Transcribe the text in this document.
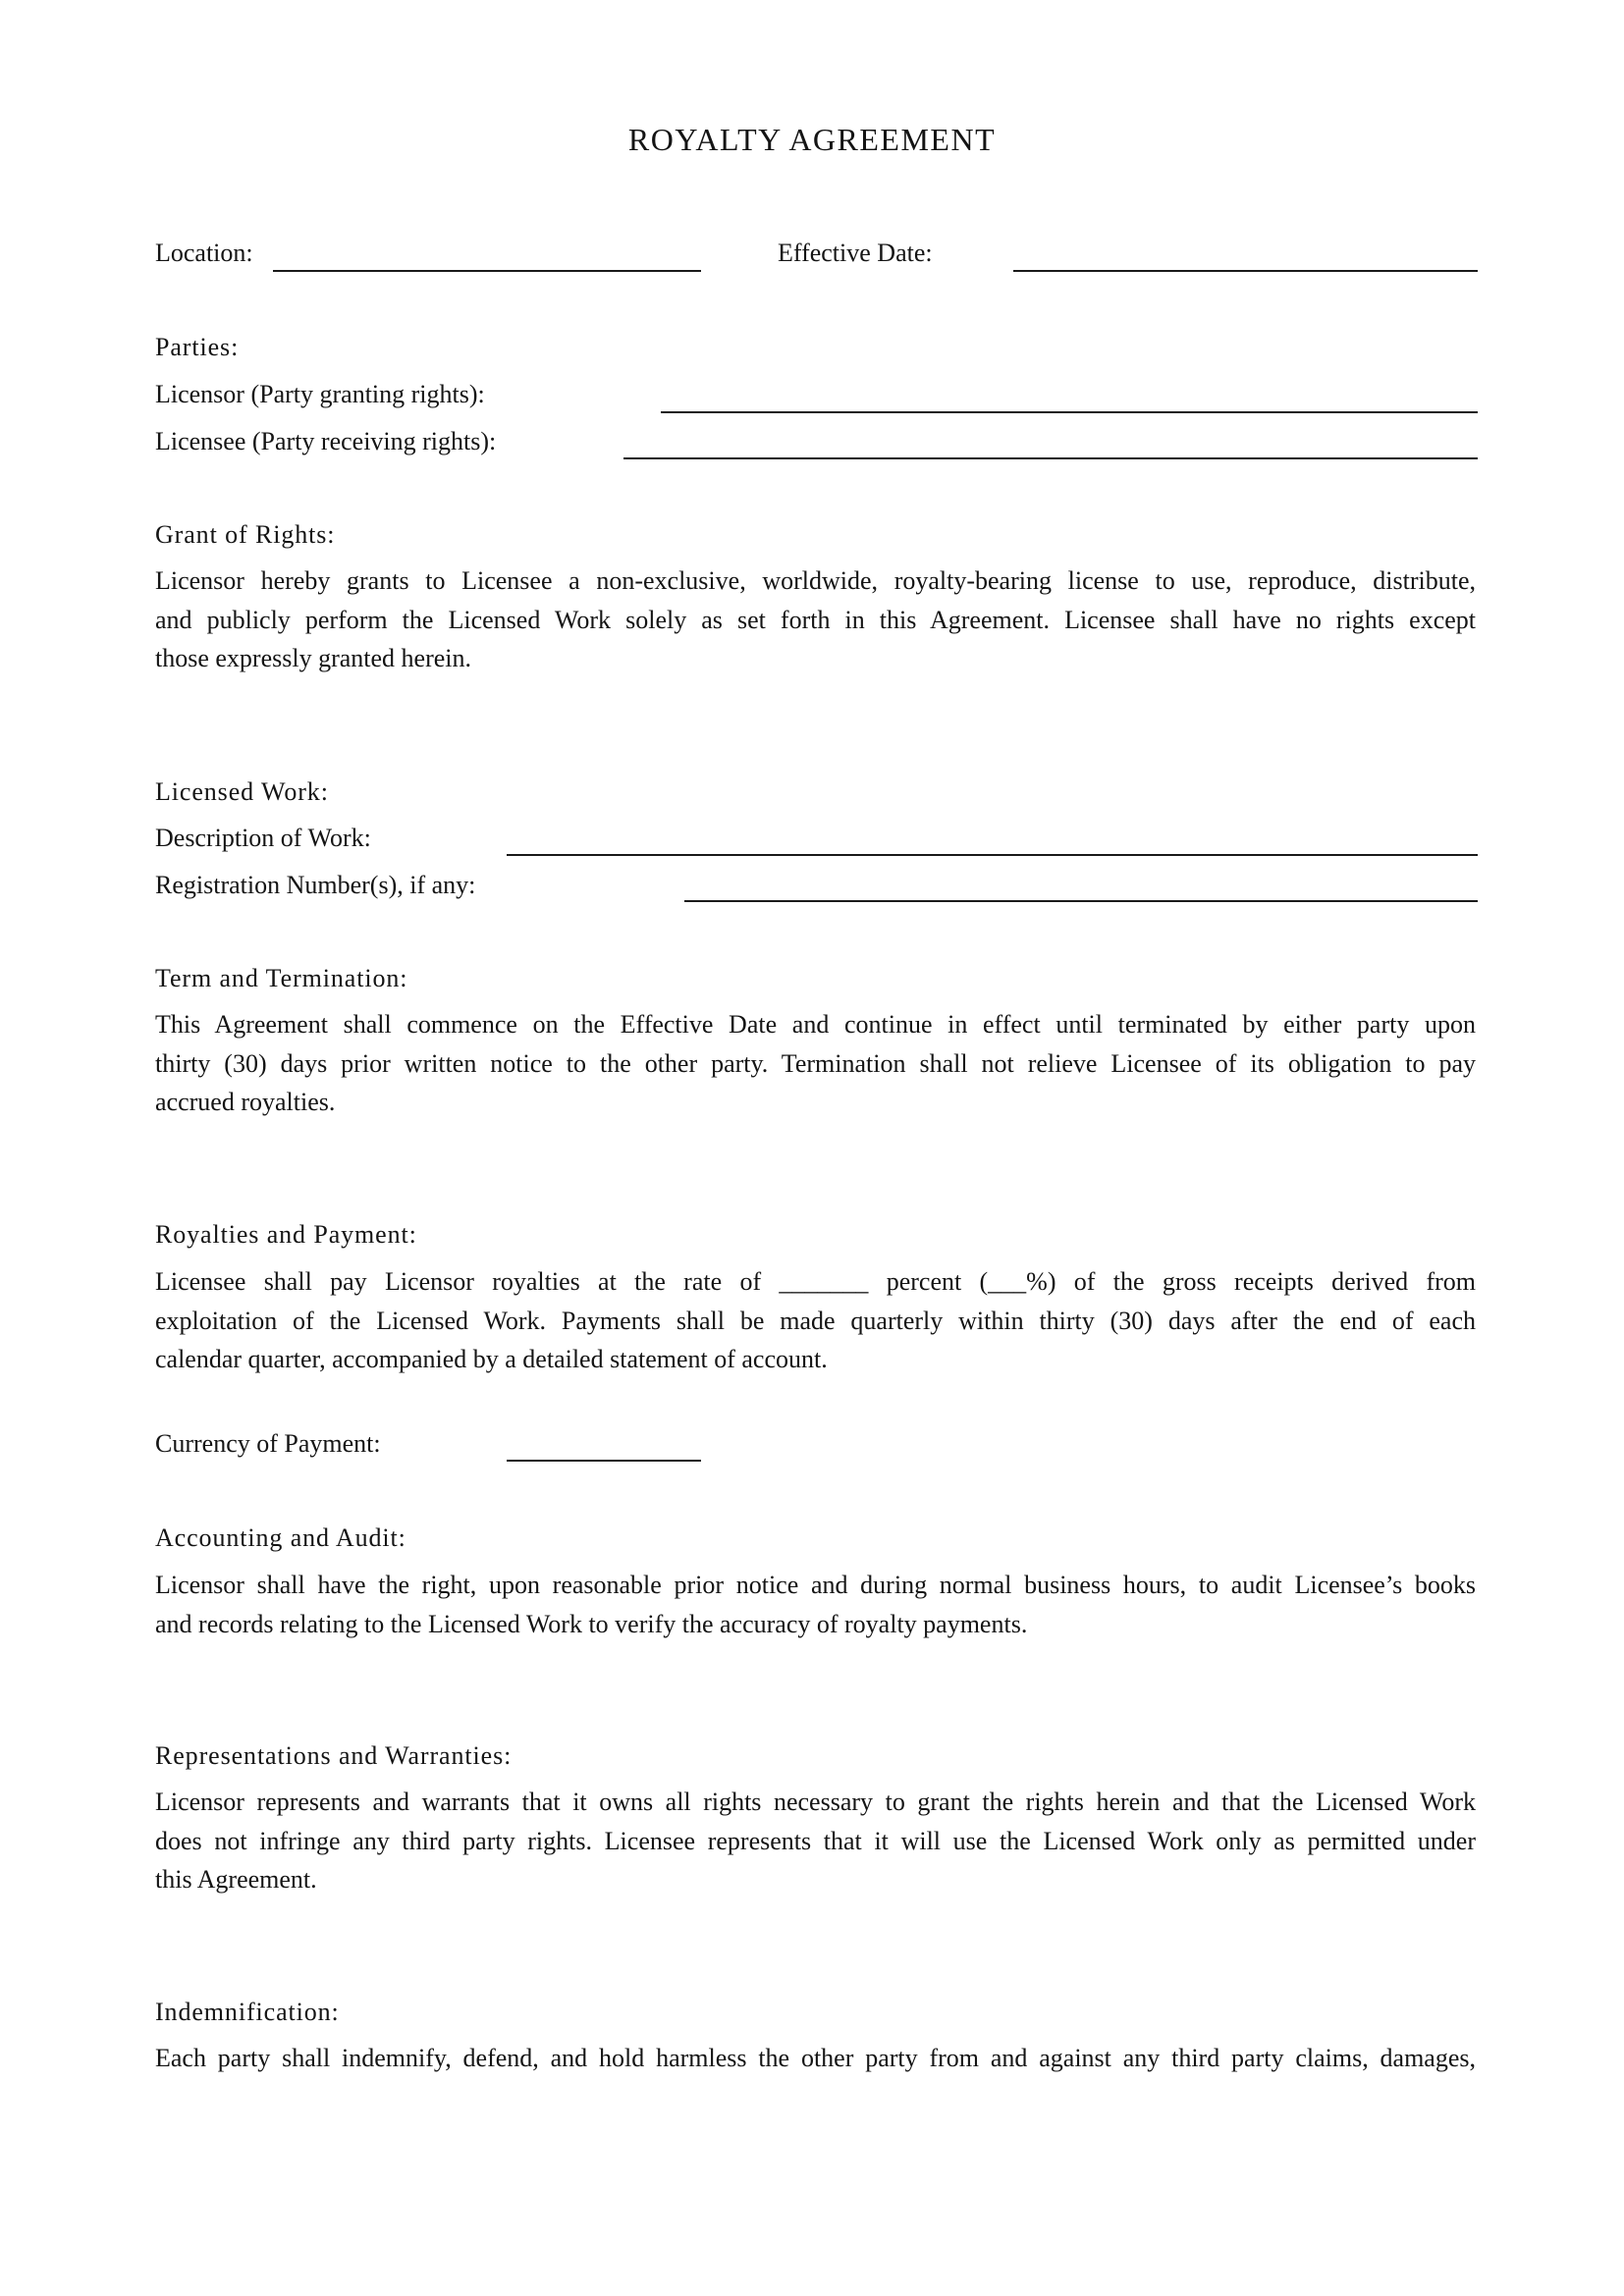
ROYALTY AGREEMENT
Location:	Effective Date:
Parties:
Licensor (Party granting rights):
Licensee (Party receiving rights):
Grant of Rights:
Licensor hereby grants to Licensee a non-exclusive, worldwide, royalty-bearing license to use, reproduce, distribute,
and publicly perform the Licensed Work solely as set forth in this Agreement. Licensee shall have no rights except
those expressly granted herein.
Licensed Work:
Description of Work:
Registration Number(s), if any:
Term and Termination:
This Agreement shall commence on the Effective Date and continue in effect until terminated by either party upon
thirty (30) days prior written notice to the other party. Termination shall not relieve Licensee of its obligation to pay
accrued royalties.
Royalties and Payment:
Licensee shall pay Licensor royalties at the rate of _______ percent (___%) of the gross receipts derived from
exploitation of the Licensed Work. Payments shall be made quarterly within thirty (30) days after the end of each
calendar quarter, accompanied by a detailed statement of account.
Currency of Payment:
Accounting and Audit:
Licensor shall have the right, upon reasonable prior notice and during normal business hours, to audit Licensee’s books
and records relating to the Licensed Work to verify the accuracy of royalty payments.
Representations and Warranties:
Licensor represents and warrants that it owns all rights necessary to grant the rights herein and that the Licensed Work
does not infringe any third party rights. Licensee represents that it will use the Licensed Work only as permitted under
this Agreement.
Indemnification:
Each party shall indemnify, defend, and hold harmless the other party from and against any third party claims, damages,
